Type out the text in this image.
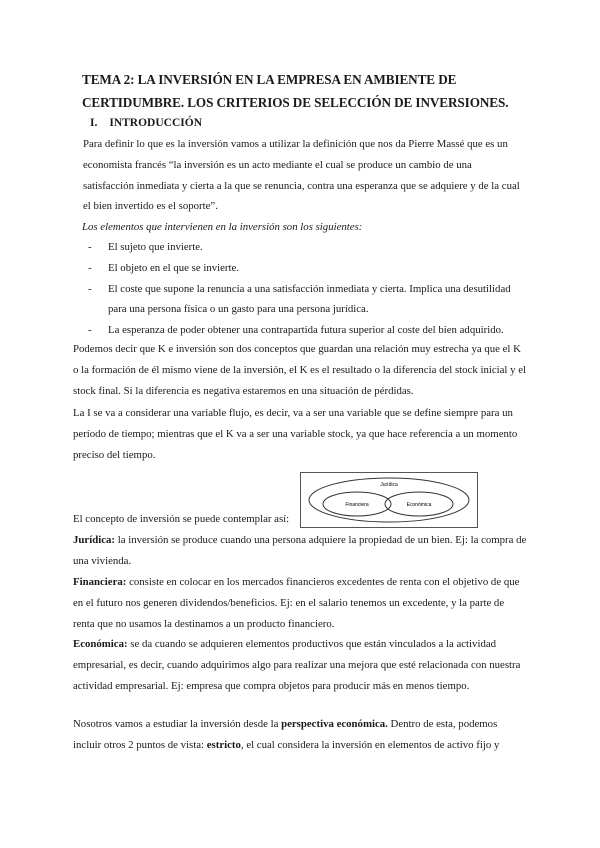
TEMA 2: LA INVERSIÓN EN LA EMPRESA EN AMBIENTE DE
CERTIDUMBRE. LOS CRITERIOS DE SELECCIÓN DE INVERSIONES.
I. INTRODUCCIÓN
Para definir lo que es la inversión vamos a utilizar la definición que nos da Pierre Massé que es un economista francés “la inversión es un acto mediante el cual se produce un cambio de una satisfacción inmediata y cierta a la que se renuncia, contra una esperanza que se adquiere y de la cual el bien invertido es el soporte”.
Los elementos que intervienen en la inversión son los siguientes:
- El sujeto que invierte.
- El objeto en el que se invierte.
- El coste que supone la renuncia a una satisfacción inmediata y cierta. Implica una desutilidad para una persona física o un gasto para una persona jurídica.
- La esperanza de poder obtener una contrapartida futura superior al coste del bien adquirido.
Podemos decir que K e inversión son dos conceptos que guardan una relación muy estrecha ya que el K o la formación de él mismo viene de la inversión, el K es el resultado o la diferencia del stock inicial y el stock final. Si la diferencia es negativa estaremos en una situación de pérdidas.
La I se va a considerar una variable flujo, es decir, va a ser una variable que se define siempre para un período de tiempo; mientras que el K va a ser una variable stock, ya que hace referencia a un momento preciso del tiempo.
Jurídica
Financiera	Económica
El concepto de inversión se puede contemplar así:
Jurídica: la inversión se produce cuando una persona adquiere la propiedad de un bien. Ej: la compra de una vivienda.
Financiera: consiste en colocar en los mercados financieros excedentes de renta con el objetivo de que en el futuro nos generen dividendos/beneficios. Ej: en el salario tenemos un excedente, y la parte de renta que no usamos la destinamos a un producto financiero.
Económica: se da cuando se adquieren elementos productivos que están vinculados a la actividad empresarial, es decir, cuando adquirimos algo para realizar una mejora que esté relacionada con nuestra actividad empresarial. Ej: empresa que compra objetos para producir más en menos tiempo.
Nosotros vamos a estudiar la inversión desde la perspectiva económica. Dentro de esta, podemos incluir otros 2 puntos de vista: estricto, el cual considera la inversión en elementos de activo fijo y
